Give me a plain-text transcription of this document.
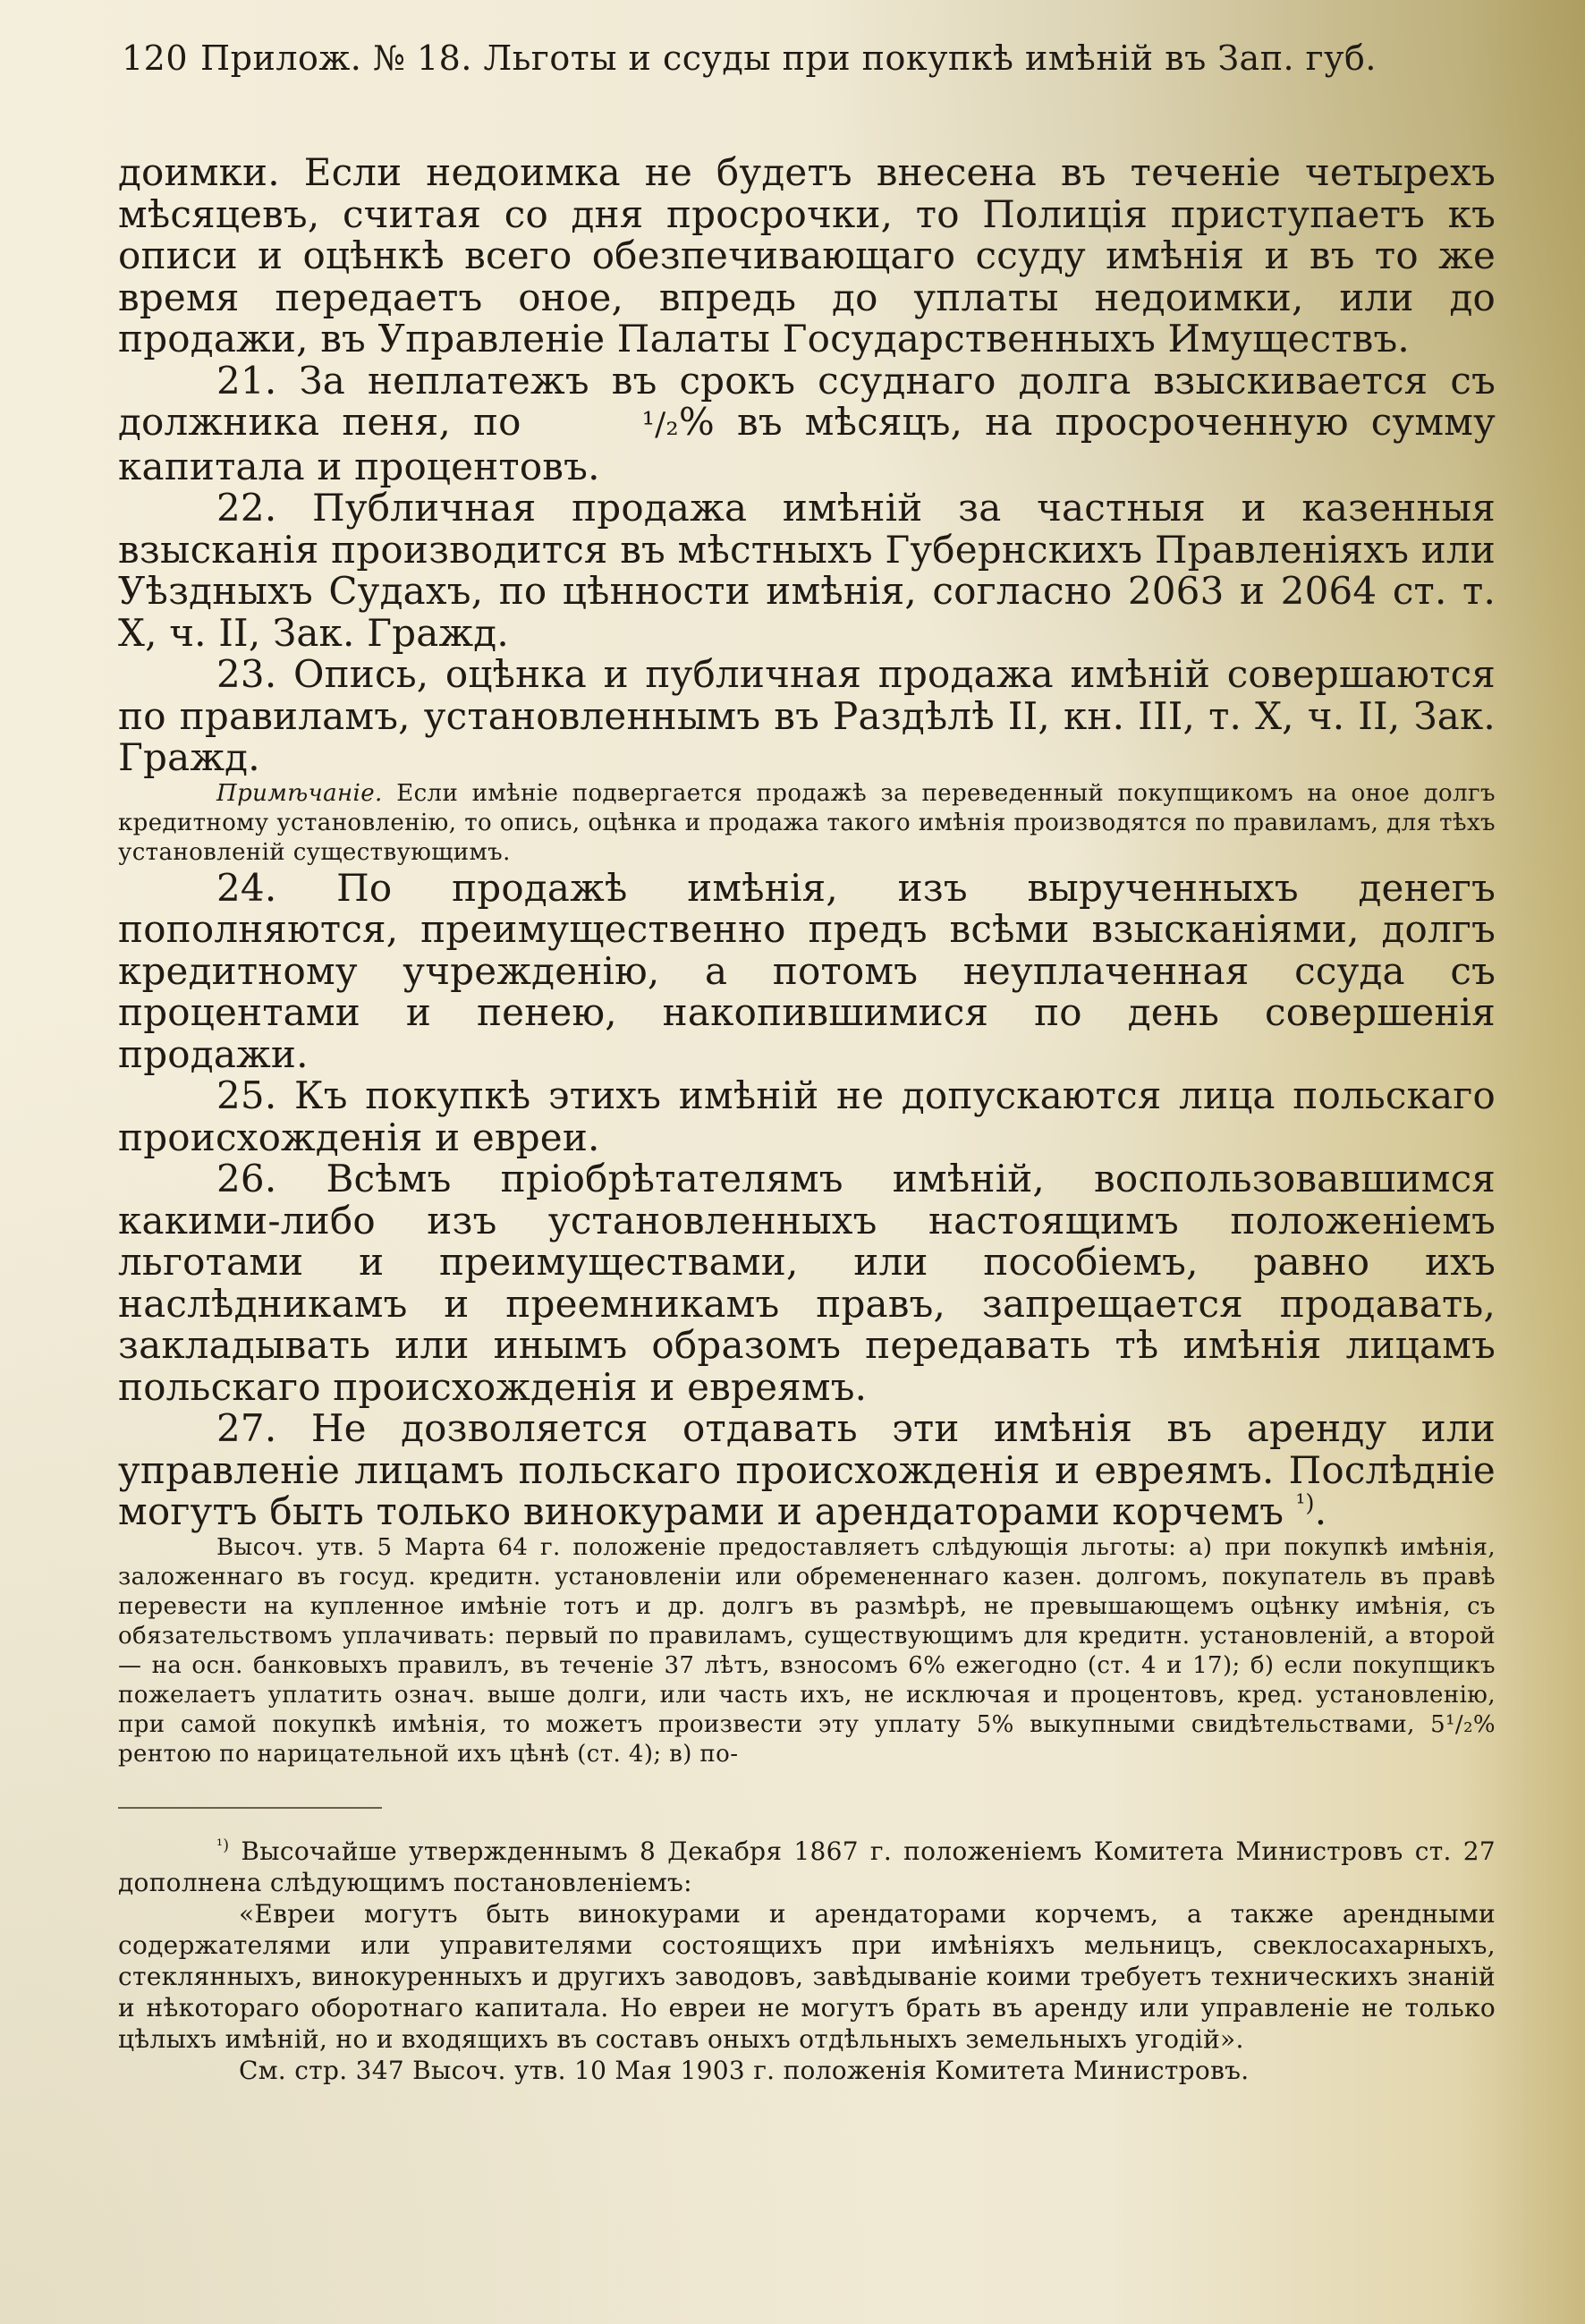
120 Прилож. № 18. Льготы и ссуды при покупкѣ имѣній въ Зап. губ.

доимки. Если недоимка не будетъ внесена въ теченіе четырехъ мѣсяцевъ, считая со дня просрочки, то Полиція приступаетъ къ описи и оцѣнкѣ всего обезпечивающаго ссуду имѣнія и въ то же время передаетъ оное, впредь до уплаты недоимки, или до продажи, въ Управленіе Палаты Государственныхъ Имуществъ.

21. За неплатежъ въ срокъ ссуднаго долга взыскивается съ должника пеня, по	¹/₂% въ мѣсяцъ, на просроченную сумму капитала и процентовъ.

22. Публичная продажа имѣній за частныя и казенныя взысканія производится въ мѣстныхъ Губернскихъ Правленіяхъ или Уѣздныхъ Судахъ, по цѣнности имѣнія, согласно 2063 и 2064 ст. т. X, ч. II, Зак. Гражд.

23. Опись, оцѣнка и публичная продажа имѣній совершаются по правиламъ, установленнымъ въ Раздѣлѣ II, кн. III, т. X, ч. II, Зак. Гражд.

Примѣчаніе. Если имѣніе подвергается продажѣ за переведенный покупщикомъ на оное долгъ кредитному установленію, то опись, оцѣнка и продажа такого имѣнія производятся по правиламъ, для тѣхъ установленій существующимъ.

24. По продажѣ имѣнія, изъ вырученныхъ денегъ пополняются, преимущественно предъ всѣми взысканіями, долгъ кредитному учрежденію, а потомъ неуплаченная ссуда съ процентами и пенею, накопившимися по день совершенія продажи.

25. Къ покупкѣ этихъ имѣній не допускаются лица польскаго происхожденія и евреи.

26. Всѣмъ пріобрѣтателямъ имѣній, воспользовавшимся какими-либо изъ установленныхъ настоящимъ положеніемъ льготами и преимуществами, или пособіемъ, равно ихъ наслѣдникамъ и преемникамъ правъ, запрещается продавать, закладывать или инымъ образомъ передавать тѣ имѣнія лицамъ польскаго происхожденія и евреямъ.

27. Не дозволяется отдавать эти имѣнія въ аренду или управленіе лицамъ польскаго происхожденія и евреямъ. Послѣдніе могутъ быть только винокурами и арендаторами корчемъ $^{^1)}$.

Высоч. утв. 5 Марта 64 г. положеніе предоставляетъ слѣдующія льготы: а) при покупкѣ имѣнія, заложеннаго въ госуд. кредитн. установленіи или обремененнаго казен. долгомъ, покупатель въ правѣ перевести на купленное имѣніе тотъ и др. долгъ въ размѣрѣ, не превышающемъ оцѣнку имѣнія, съ обязательствомъ уплачивать: первый по правиламъ, существующимъ для кредитн. установленій, а второй — на осн. банковыхъ правилъ, въ теченіе 37 лѣтъ, взносомъ 6% ежегодно (ст. 4 и 17); б) если покупщикъ пожелаетъ уплатить означ. выше долги, или часть ихъ, не исключая и процентовъ, кред. установленію, при самой покупкѣ имѣнія, то можетъ произвести эту уплату 5% выкупными свидѣтельствами, 5¹/₂% рентою по нарицательной ихъ цѣнѣ (ст. 4); в) по-

$^{^1)}$ Высочайше утвержденнымъ 8 Декабря 1867 г. положеніемъ Комитета Министровъ ст. 27 дополнена слѣдующимъ постановленіемъ:

«Евреи могутъ быть винокурами и арендаторами корчемъ, а также арендными содержателями или управителями состоящихъ при имѣніяхъ мельницъ, свеклосахарныхъ, стеклянныхъ, винокуренныхъ и другихъ заводовъ, завѣдываніе коими требуетъ техническихъ знаній и нѣкотораго оборотнаго капитала. Но евреи не могутъ брать въ аренду или управленіе не только цѣлыхъ имѣній, но и входящихъ въ составъ оныхъ отдѣльныхъ земельныхъ угодій».

См. стр. 347 Высоч. утв. 10 Мая 1903 г. положенія Комитета Министровъ.
